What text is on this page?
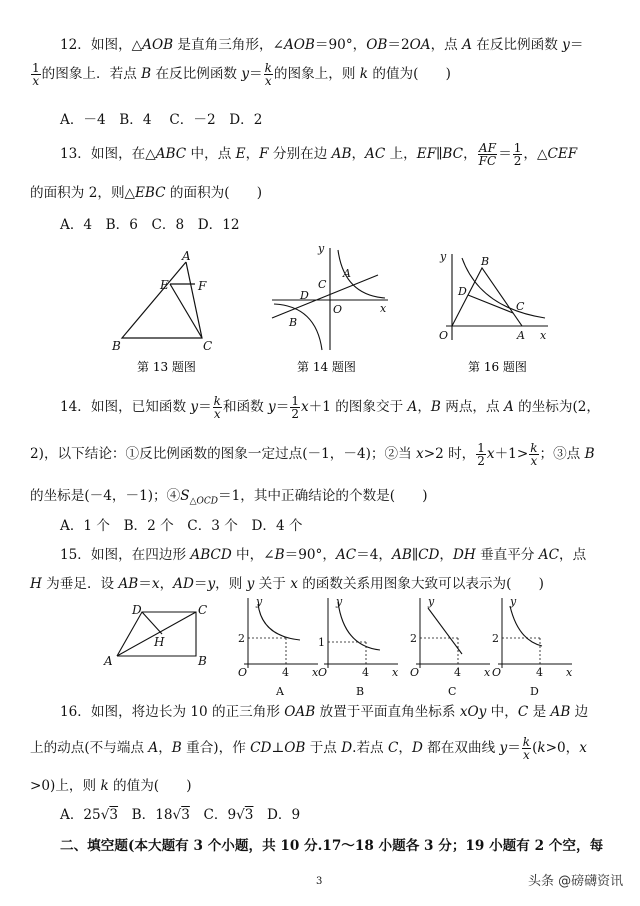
12．如图，△AOB 是直角三角形，∠AOB＝90°，OB＝2OA，点 A 在反比例函数 y＝
$\frac{1}{x}$ 的图象上．若点 B 在反比例函数 $y= \frac{k}{x}$ 的图象上，则 k 的值为(　　)
A．－4　B．4　 C．－2　D．2
13．如图，在△ABC 中，点 E，F 分别在边 AB，AC 上，EF∥BC， $\frac{AF}{FC} = \frac{1}{2}$ ，△CEF
的面积为 2，则△EBC 的面积为(　　)
A．4　B．6　C．8　D．12
A
B	C
E F
第 13 题图
y
x
A
B
C
D
O
第 14 题图
y
x
B
C
D
O	A
第 16 题图
14．如图，已知函数 $y= \frac{k}{x}$ 和函数 $y= \frac{1}{2} x+1$ 的图象交于 A，B 两点，点 A 的坐标为(2，
2)，以下结论：①反比例函数的图象一定过点(－1，－4)；②当 x>2 时， $\frac{1}{2} x+1> \frac{k}{x}$ ；③点 B
的坐标是(－4，－1)；$④S_{\triangle OCD}=1$，其中正确结论的个数是(　　)
A．1 个　B．2 个　C．3 个　D．4 个
15．如图，在四边形 ABCD 中，∠B＝90°，AC＝4，AB∥CD，DH 垂直平分 AC，点
H 为垂足．设 AB＝x，AD＝y，则 y 关于 x 的函数关系用图象大致可以表示为(　　)
A	B
C
D
H
y
x
O
2
4
A
y
x
O
1
4
B
y
x
O
2
4
C
y
x
O
2
4
D
16．如图，将边长为 10 的正三角形 OAB 放置于平面直角坐标系 xOy 中，C 是 AB 边
上的动点(不与端点 A，B 重合)，作 CD⊥OB 于点 D.若点 C，D 都在双曲线 $y= \frac{k}{x} (k>0$，x
>0)上，则 k 的值为(　　)
A．25√3　B．18√3　C．9√3　D．9
二、填空题(本大题有 3 个小题，共 10 分.17～18 小题各 3 分；19 小题有 2 个空，每
3	头条 @磅礴资讯
